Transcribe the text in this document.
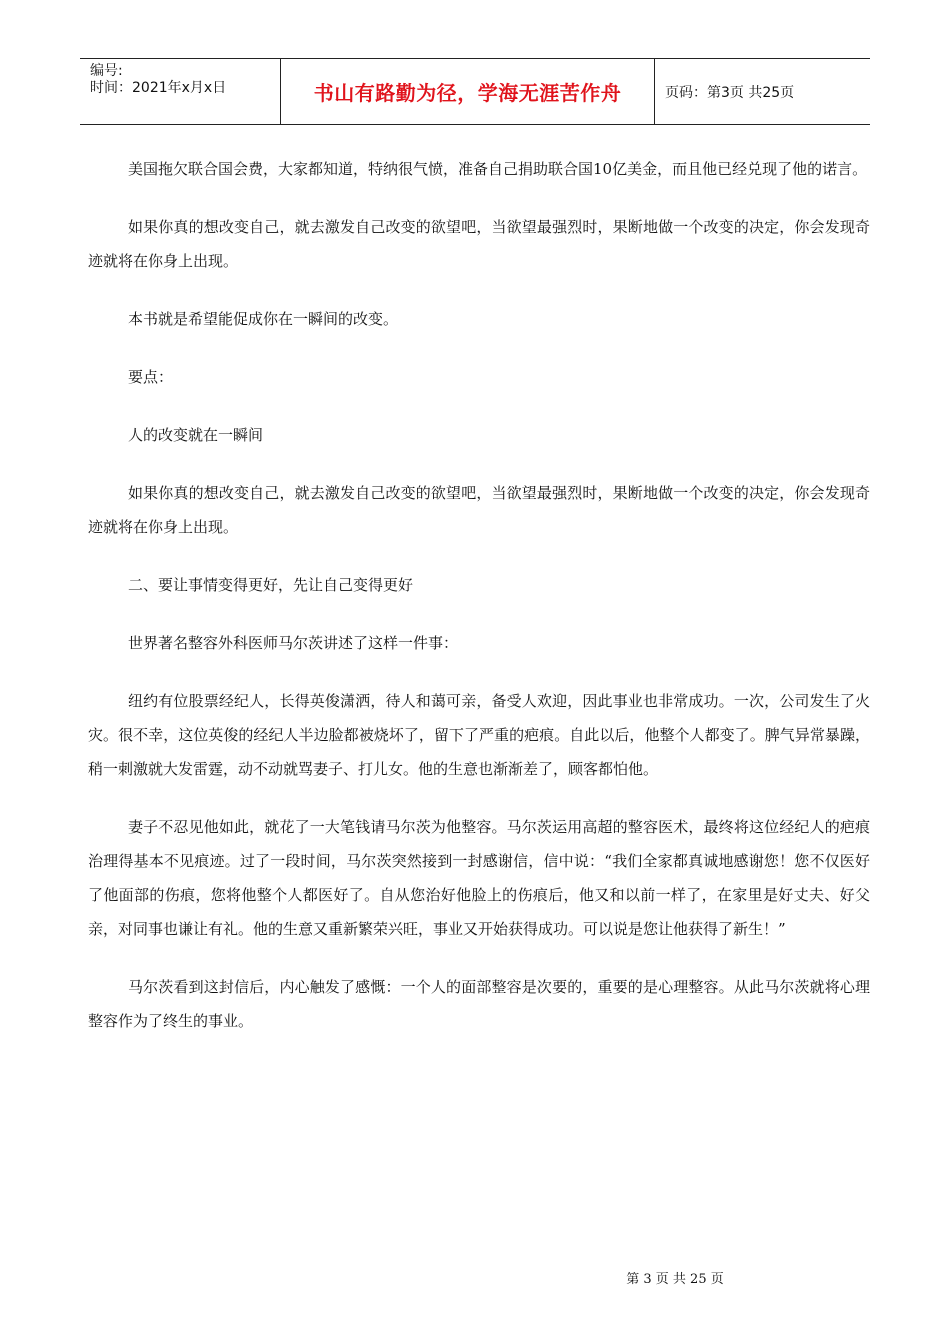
编号:
时间：2021年x月x日	书山有路勤为径，学海无涯苦作舟	页码：第3页 共25页

美国拖欠联合国会费，大家都知道，特纳很气愤，准备自己捐助联合国10亿美金，而且他已经兑现了他的诺言。

如果你真的想改变自己，就去激发自己改变的欲望吧，当欲望最强烈时，果断地做一个改变的决定，你会发现奇迹就将在你身上出现。

本书就是希望能促成你在一瞬间的改变。

要点：

人的改变就在一瞬间

如果你真的想改变自己，就去激发自己改变的欲望吧，当欲望最强烈时，果断地做一个改变的决定，你会发现奇迹就将在你身上出现。

二、要让事情变得更好，先让自己变得更好

世界著名整容外科医师马尔茨讲述了这样一件事：

纽约有位股票经纪人，长得英俊潇洒，待人和蔼可亲，备受人欢迎，因此事业也非常成功。一次，公司发生了火灾。很不幸，这位英俊的经纪人半边脸都被烧坏了，留下了严重的疤痕。自此以后，他整个人都变了。脾气异常暴躁，稍一刺激就大发雷霆，动不动就骂妻子、打儿女。他的生意也渐渐差了，顾客都怕他。

妻子不忍见他如此，就花了一大笔钱请马尔茨为他整容。马尔茨运用高超的整容医术，最终将这位经纪人的疤痕治理得基本不见痕迹。过了一段时间，马尔茨突然接到一封感谢信，信中说：“我们全家都真诚地感谢您！您不仅医好了他面部的伤痕，您将他整个人都医好了。自从您治好他脸上的伤痕后，他又和以前一样了，在家里是好丈夫、好父亲，对同事也谦让有礼。他的生意又重新繁荣兴旺，事业又开始获得成功。可以说是您让他获得了新生！”

马尔茨看到这封信后，内心触发了感慨：一个人的面部整容是次要的，重要的是心理整容。从此马尔茨就将心理整容作为了终生的事业。

第 3 页 共 25 页
